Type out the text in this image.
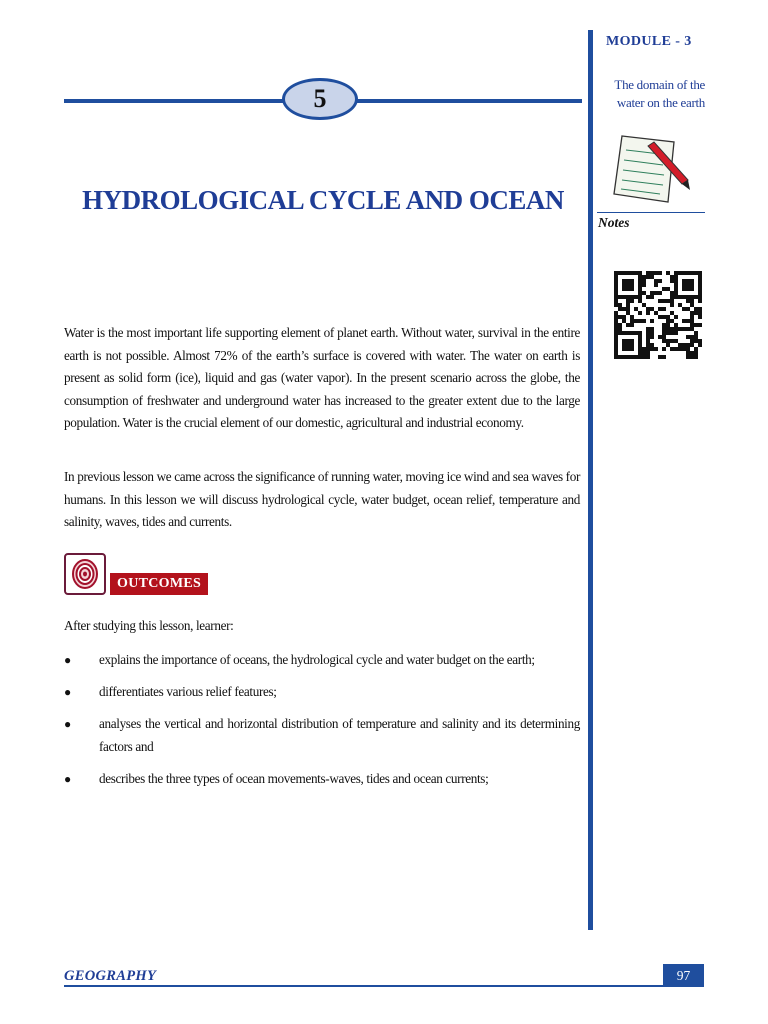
5
HYDROLOGICAL CYCLE AND OCEAN

Water is the most important life supporting element of planet earth. Without water, survival in the entire earth is not possible. Almost 72% of the earth’s surface is covered with water. The water on earth is present as solid form (ice), liquid and gas (water vapor). In the present scenario across the globe, the consumption of freshwater and underground water has increased to the greater extent due to the large population. Water is the crucial element of our domestic, agricultural and industrial economy.

In previous lesson we came across the significance of running water, moving ice wind and sea waves for humans. In this lesson we will discuss hydrological cycle, water budget, ocean relief, temperature and salinity, waves, tides and currents.

OUTCOMES
After studying this lesson, learner:
● explains the importance of oceans, the hydrological cycle and water budget on the earth;
● differentiates various relief features;
● analyses the vertical and horizontal distribution of temperature and salinity and its determining factors and
● describes the three types of ocean movements-waves, tides and ocean currents;
MODULE - 3
The domain of the water on the earth
Notes
GEOGRAPHY	97
